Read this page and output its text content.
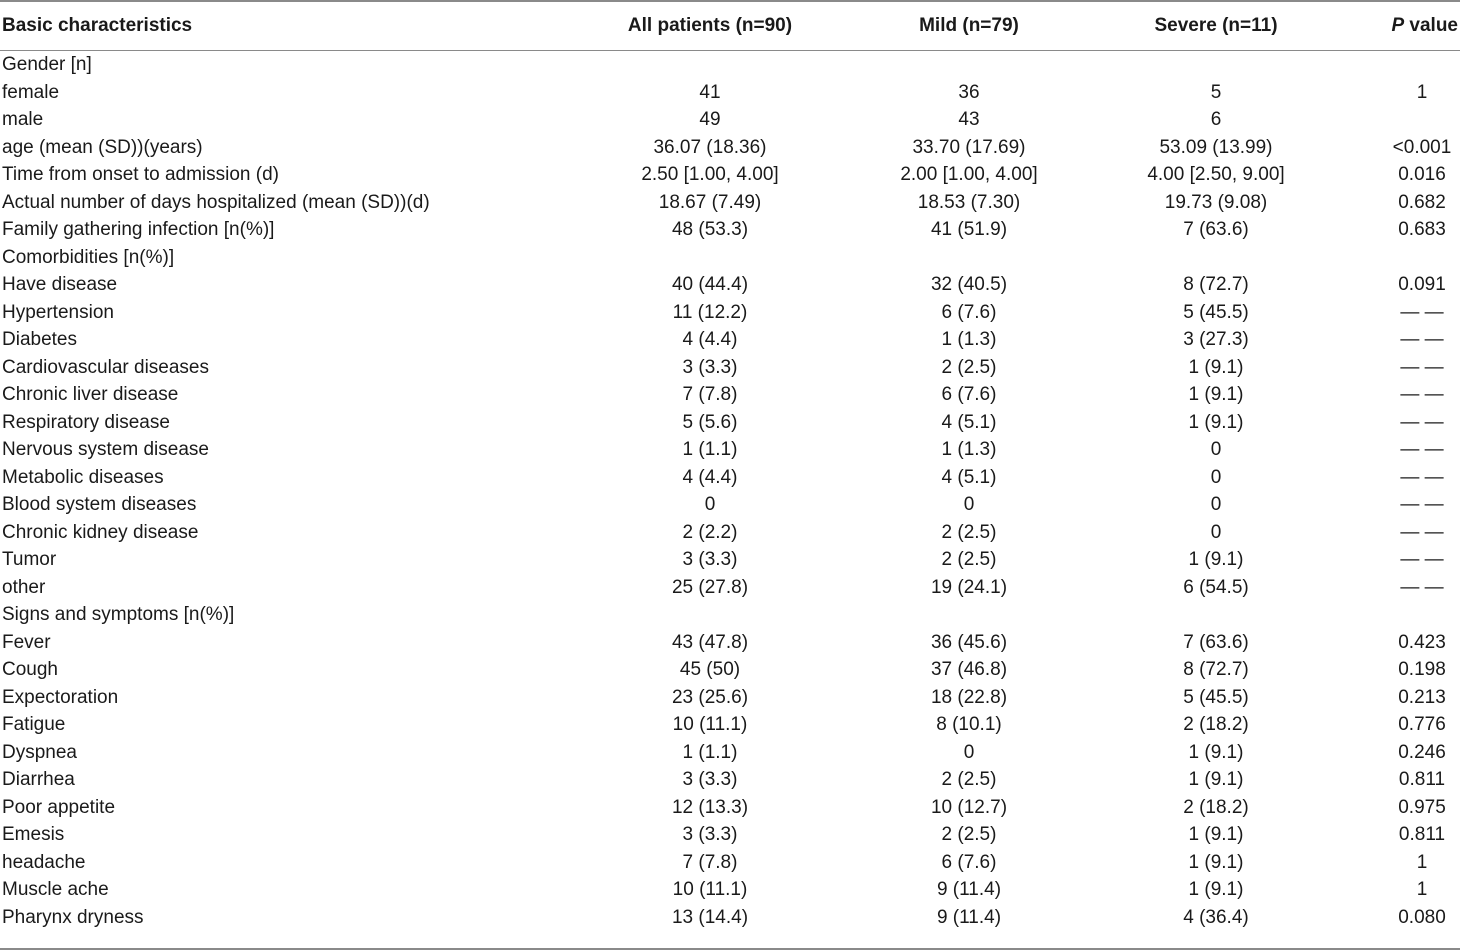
Basic characteristics	All patients (n=90)	Mild (n=79)	Severe (n=11)	P value
Gender [n]				
female	41	36	5	1
male	49	43	6	
age (mean (SD))(years)	36.07 (18.36)	33.70 (17.69)	53.09 (13.99)	<0.001
Time from onset to admission (d)	2.50 [1.00, 4.00]	2.00 [1.00, 4.00]	4.00 [2.50, 9.00]	0.016
Actual number of days hospitalized (mean (SD))(d)	18.67 (7.49)	18.53 (7.30)	19.73 (9.08)	0.682
Family gathering infection [n(%)]	48 (53.3)	41 (51.9)	7 (63.6)	0.683
Comorbidities [n(%)]				
Have disease	40 (44.4)	32 (40.5)	8 (72.7)	0.091
Hypertension	11 (12.2)	6 (7.6)	5 (45.5)	— —
Diabetes	4 (4.4)	1 (1.3)	3 (27.3)	— —
Cardiovascular diseases	3 (3.3)	2 (2.5)	1 (9.1)	— —
Chronic liver disease	7 (7.8)	6 (7.6)	1 (9.1)	— —
Respiratory disease	5 (5.6)	4 (5.1)	1 (9.1)	— —
Nervous system disease	1 (1.1)	1 (1.3)	0	— —
Metabolic diseases	4 (4.4)	4 (5.1)	0	— —
Blood system diseases	0	0	0	— —
Chronic kidney disease	2 (2.2)	2 (2.5)	0	— —
Tumor	3 (3.3)	2 (2.5)	1 (9.1)	— —
other	25 (27.8)	19 (24.1)	6 (54.5)	— —
Signs and symptoms [n(%)]				
Fever	43 (47.8)	36 (45.6)	7 (63.6)	0.423
Cough	45 (50)	37 (46.8)	8 (72.7)	0.198
Expectoration	23 (25.6)	18 (22.8)	5 (45.5)	0.213
Fatigue	10 (11.1)	8 (10.1)	2 (18.2)	0.776
Dyspnea	1 (1.1)	0	1 (9.1)	0.246
Diarrhea	3 (3.3)	2 (2.5)	1 (9.1)	0.811
Poor appetite	12 (13.3)	10 (12.7)	2 (18.2)	0.975
Emesis	3 (3.3)	2 (2.5)	1 (9.1)	0.811
headache	7 (7.8)	6 (7.6)	1 (9.1)	1
Muscle ache	10 (11.1)	9 (11.4)	1 (9.1)	1
Pharynx dryness	13 (14.4)	9 (11.4)	4 (36.4)	0.080
